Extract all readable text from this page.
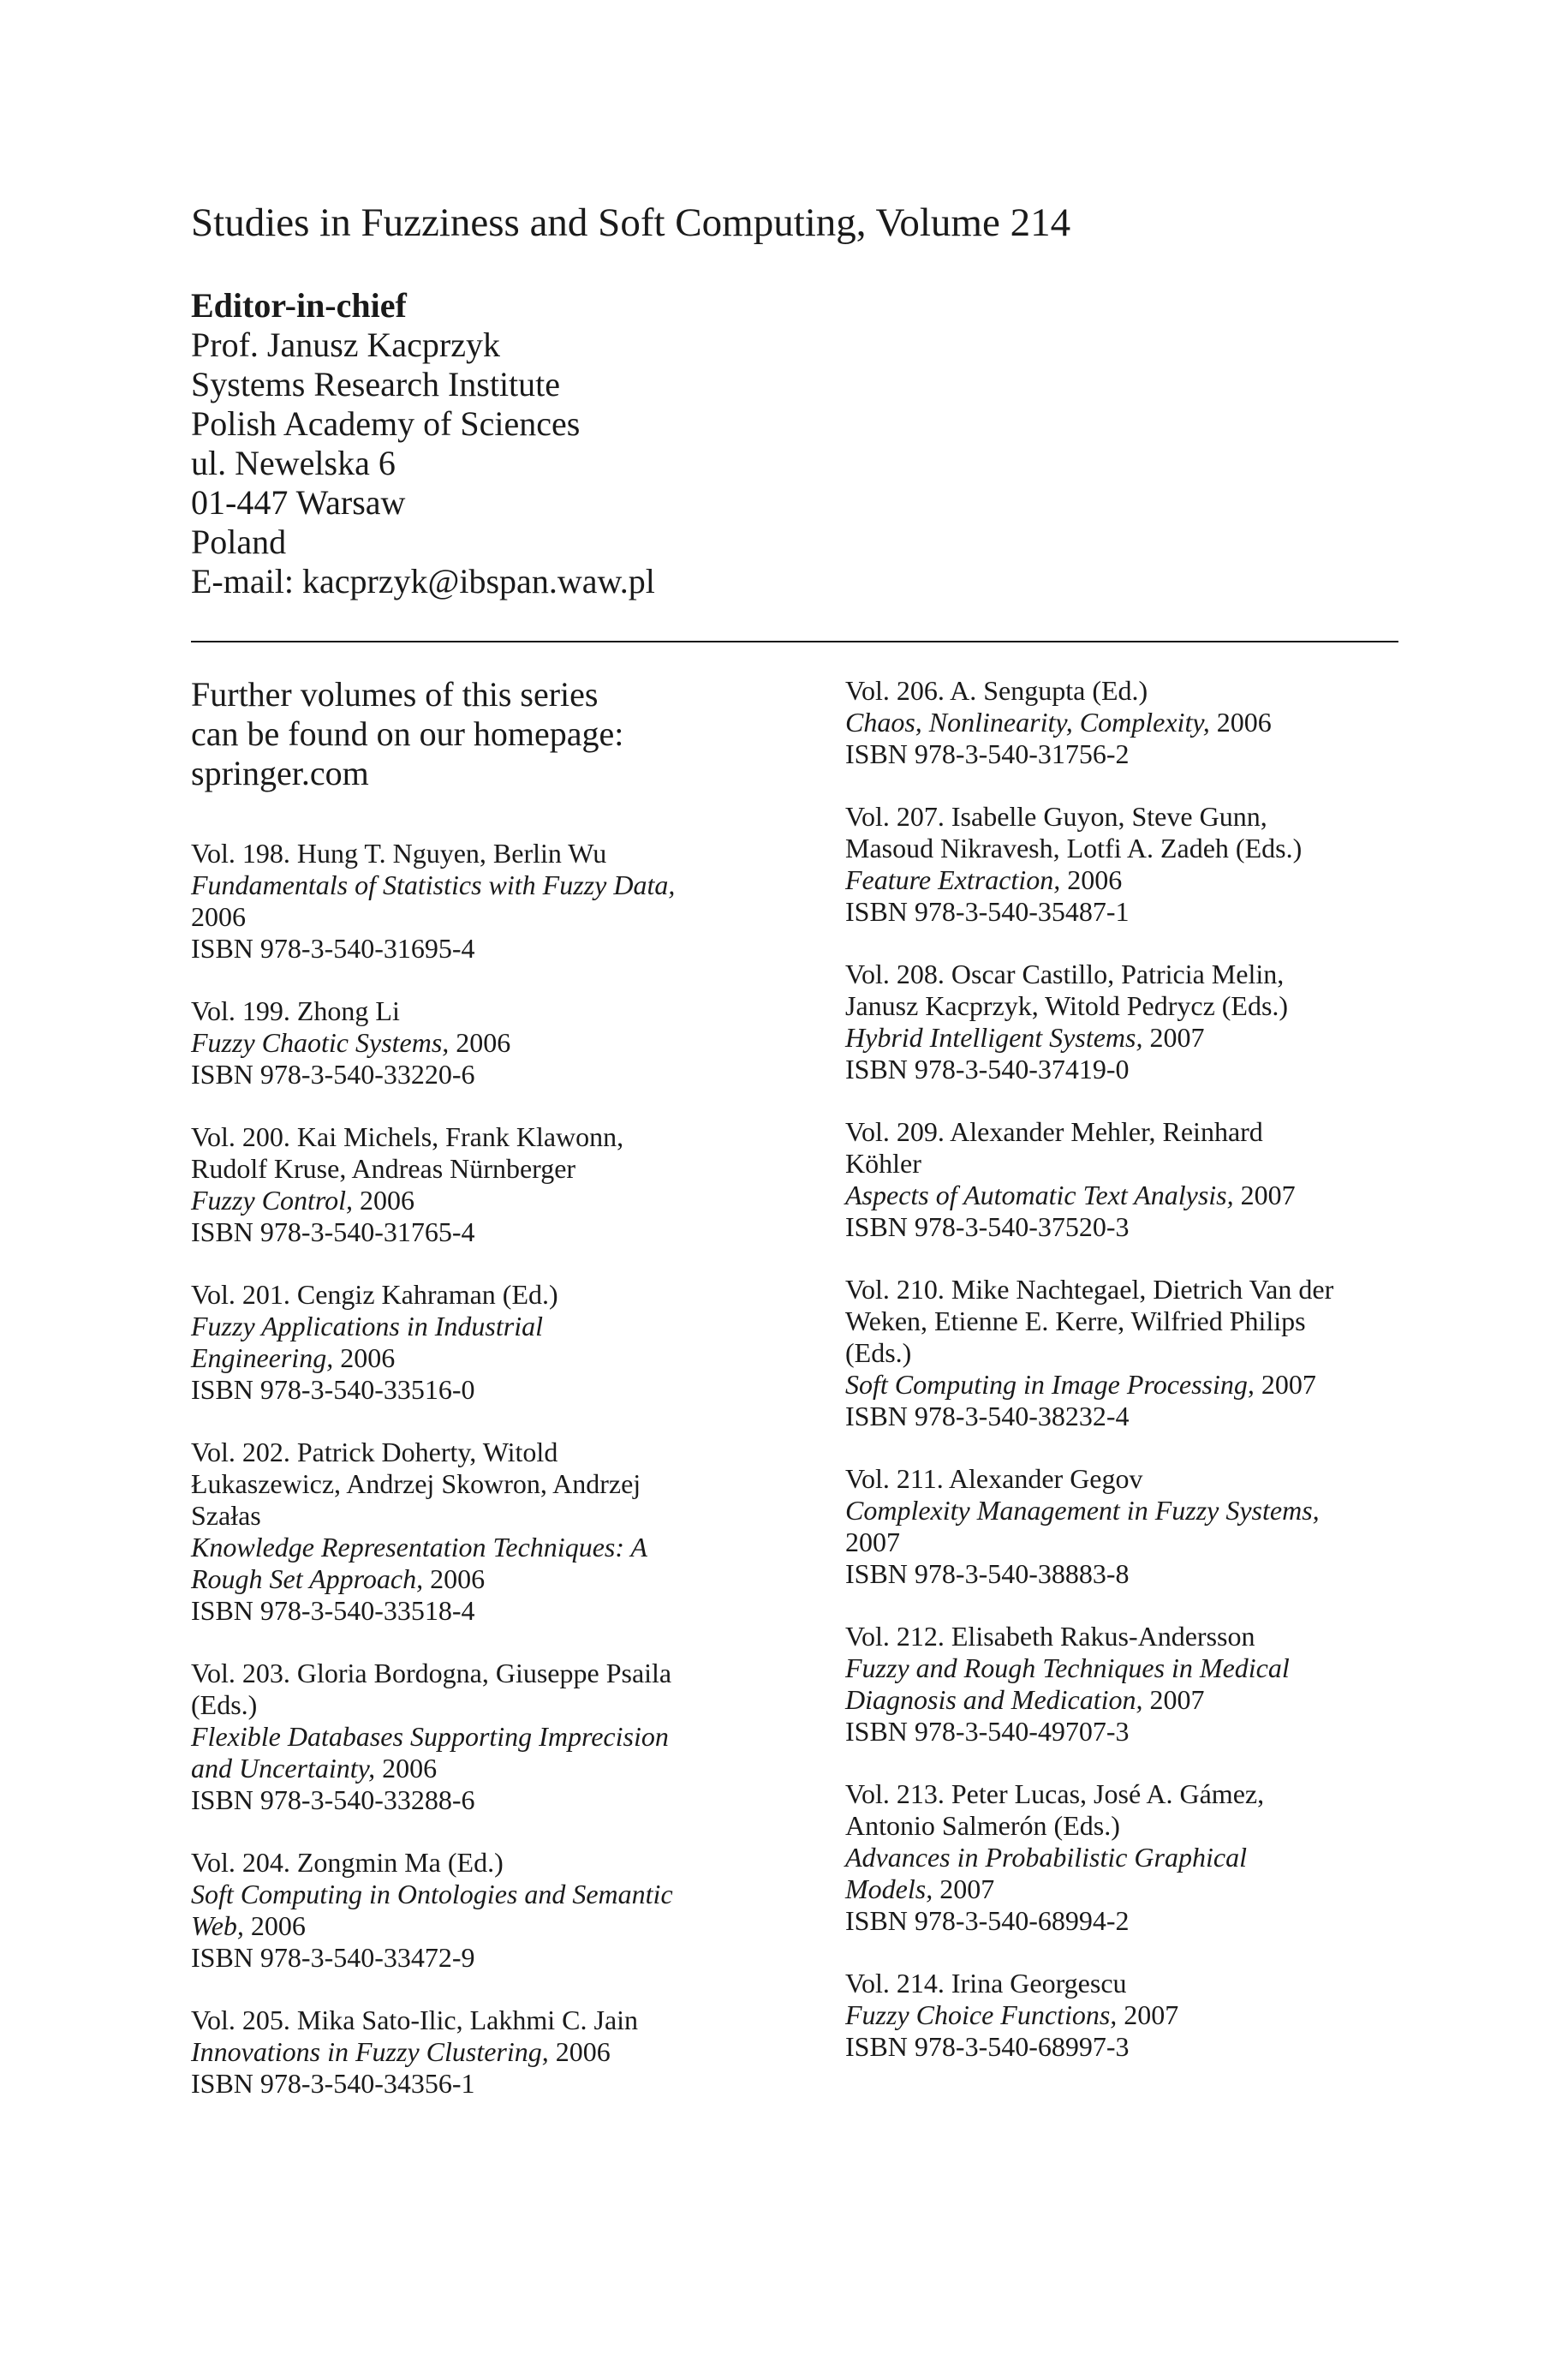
Studies in Fuzziness and Soft Computing, Volume 214
Editor-in-chief
Prof. Janusz Kacprzyk
Systems Research Institute
Polish Academy of Sciences
ul. Newelska 6
01-447 Warsaw
Poland
E-mail: kacprzyk@ibspan.waw.pl
Further volumes of this series
can be found on our homepage:
springer.com
Vol. 198. Hung T. Nguyen, Berlin Wu
Fundamentals of Statistics with Fuzzy Data,
2006
ISBN 978-3-540-31695-4
Vol. 199. Zhong Li
Fuzzy Chaotic Systems, 2006
ISBN 978-3-540-33220-6
Vol. 200. Kai Michels, Frank Klawonn,
Rudolf Kruse, Andreas Nürnberger
Fuzzy Control, 2006
ISBN 978-3-540-31765-4
Vol. 201. Cengiz Kahraman (Ed.)
Fuzzy Applications in Industrial
Engineering, 2006
ISBN 978-3-540-33516-0
Vol. 202. Patrick Doherty, Witold
Łukaszewicz, Andrzej Skowron, Andrzej
Szałas
Knowledge Representation Techniques: A
Rough Set Approach, 2006
ISBN 978-3-540-33518-4
Vol. 203. Gloria Bordogna, Giuseppe Psaila
(Eds.)
Flexible Databases Supporting Imprecision
and Uncertainty, 2006
ISBN 978-3-540-33288-6
Vol. 204. Zongmin Ma (Ed.)
Soft Computing in Ontologies and Semantic
Web, 2006
ISBN 978-3-540-33472-9
Vol. 205. Mika Sato-Ilic, Lakhmi C. Jain
Innovations in Fuzzy Clustering, 2006
ISBN 978-3-540-34356-1
Vol. 206. A. Sengupta (Ed.)
Chaos, Nonlinearity, Complexity, 2006
ISBN 978-3-540-31756-2
Vol. 207. Isabelle Guyon, Steve Gunn,
Masoud Nikravesh, Lotfi A. Zadeh (Eds.)
Feature Extraction, 2006
ISBN 978-3-540-35487-1
Vol. 208. Oscar Castillo, Patricia Melin,
Janusz Kacprzyk, Witold Pedrycz (Eds.)
Hybrid Intelligent Systems, 2007
ISBN 978-3-540-37419-0
Vol. 209. Alexander Mehler, Reinhard
Köhler
Aspects of Automatic Text Analysis, 2007
ISBN 978-3-540-37520-3
Vol. 210. Mike Nachtegael, Dietrich Van der
Weken, Etienne E. Kerre, Wilfried Philips
(Eds.)
Soft Computing in Image Processing, 2007
ISBN 978-3-540-38232-4
Vol. 211. Alexander Gegov
Complexity Management in Fuzzy Systems,
2007
ISBN 978-3-540-38883-8
Vol. 212. Elisabeth Rakus-Andersson
Fuzzy and Rough Techniques in Medical
Diagnosis and Medication, 2007
ISBN 978-3-540-49707-3
Vol. 213. Peter Lucas, José A. Gámez,
Antonio Salmerón (Eds.)
Advances in Probabilistic Graphical
Models, 2007
ISBN 978-3-540-68994-2
Vol. 214. Irina Georgescu
Fuzzy Choice Functions, 2007
ISBN 978-3-540-68997-3
